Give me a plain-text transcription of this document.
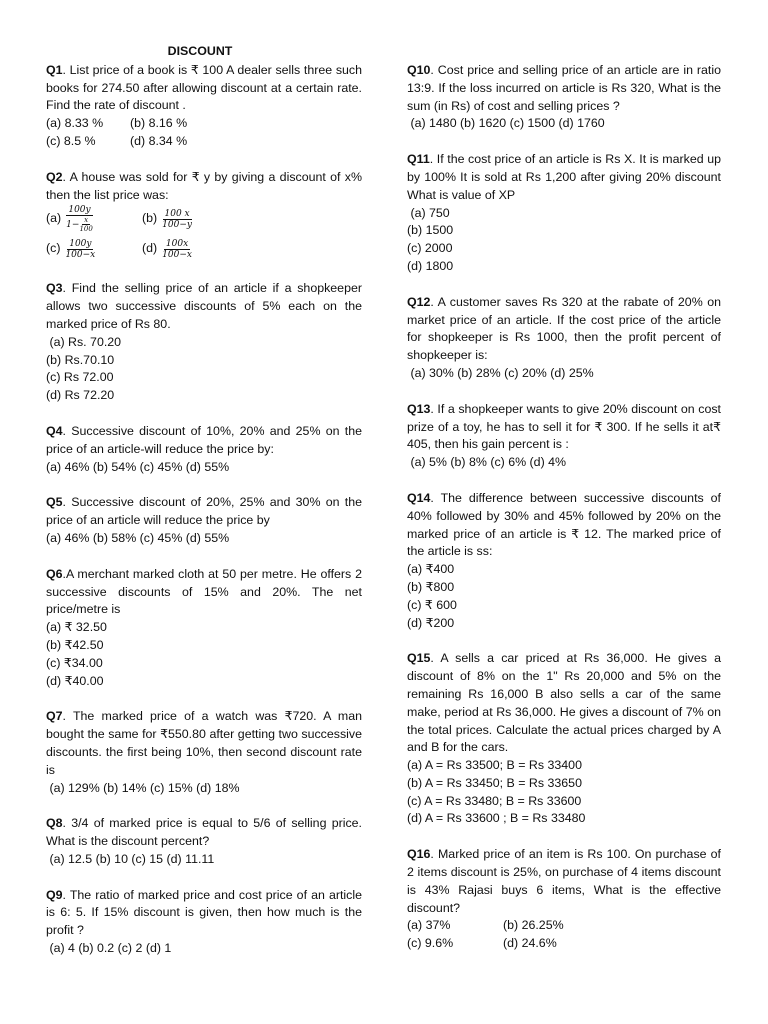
DISCOUNT

Q1. List price of a book is ₹ 100 A dealer sells three such books for 274.50 after allowing discount at a certain rate. Find the rate of discount .

(a) 8.33 %	(b) 8.16 %
(c) 8.5 %	(d) 8.34 %

Q2. A house was sold for ₹ y by giving a discount of x% then the list price was:

$(a) \frac{100y}{1- \frac{x}{100}}$	$(b) \frac{100 x}{100-y}$
$(c) \frac{100y}{100-x}$	$(d) \frac{100x}{100-x}$

Q3. Find the selling price of an article if a shopkeeper allows two successive discounts of 5% each on the marked price of Rs 80.

(a) Rs. 70.20
(b) Rs.70.10
(c) Rs 72.00
(d) Rs 72.20

Q4. Successive discount of 10%, 20% and 25% on the price of an article-will reduce the price by:

(a) 46% (b) 54% (c) 45% (d) 55%

Q5. Successive discount of 20%, 25% and 30% on the price of an article will reduce the price by

(a) 46% (b) 58% (c) 45% (d) 55%

Q6.A merchant marked cloth at 50 per metre. He offers 2 successive discounts of 15% and 20%. The net price/metre is

(a) ₹ 32.50
(b) ₹42.50
(c) ₹34.00
(d) ₹40.00

Q7. The marked price of a watch was ₹720. A man bought the same for ₹550.80 after getting two successive discounts. the first being 10%, then second discount rate is

(a) 129% (b) 14% (c) 15% (d) 18%

Q8. 3/4 of marked price is equal to 5/6 of selling price. What is the discount percent?

(a) 12.5 (b) 10 (c) 15 (d) 11.11

Q9. The ratio of marked price and cost price of an article is 6: 5. If 15% discount is given, then how much is the profit ?

(a) 4 (b) 0.2 (c) 2 (d) 1

Q10. Cost price and selling price of an article are in ratio 13:9. If the loss incurred on article is Rs 320, What is the sum (in Rs) of cost and selling prices ?

(a) 1480 (b) 1620 (c) 1500 (d) 1760

Q11. If the cost price of an article is Rs X. It is marked up by 100% It is sold at Rs 1,200 after giving 20% discount What is value of XP

(a) 750
(b) 1500
(c) 2000
(d) 1800

Q12. A customer saves Rs 320 at the rabate of 20% on market price of an article. If the cost price of the article for shopkeeper is Rs 1000, then the profit percent of shopkeeper is:

(a) 30% (b) 28% (c) 20% (d) 25%

Q13. If a shopkeeper wants to give 20% discount on cost prize of a toy, he has to sell it for ₹ 300. If he sells it at₹ 405, then his gain percent is :

(a) 5% (b) 8% (c) 6% (d) 4%

Q14. The difference between successive discounts of 40% followed by 30% and 45% followed by 20% on the marked price of an article is ₹ 12. The marked price of the article is ss:

(a) ₹400
(b) ₹800
(c) ₹ 600
(d) ₹200

Q15. A sells a car priced at Rs 36,000. He gives a discount of 8% on the 1" Rs 20,000 and 5% on the remaining Rs 16,000 B also sells a car of the same make, period at Rs 36,000. He gives a discount of 7% on the total prices. Calculate the actual prices charged by A and B for the cars.

(a) A = Rs 33500; B = Rs 33400
(b) A = Rs 33450; B = Rs 33650
(c) A = Rs 33480; B = Rs 33600
(d) A = Rs 33600 ; B = Rs 33480

Q16. Marked price of an item is Rs 100. On purchase of 2 items discount is 25%, on purchase of 4 items discount is 43% Rajasi buys 6 items, What is the effective discount?

(a) 37%	(b) 26.25%
(c) 9.6%	(d) 24.6%
